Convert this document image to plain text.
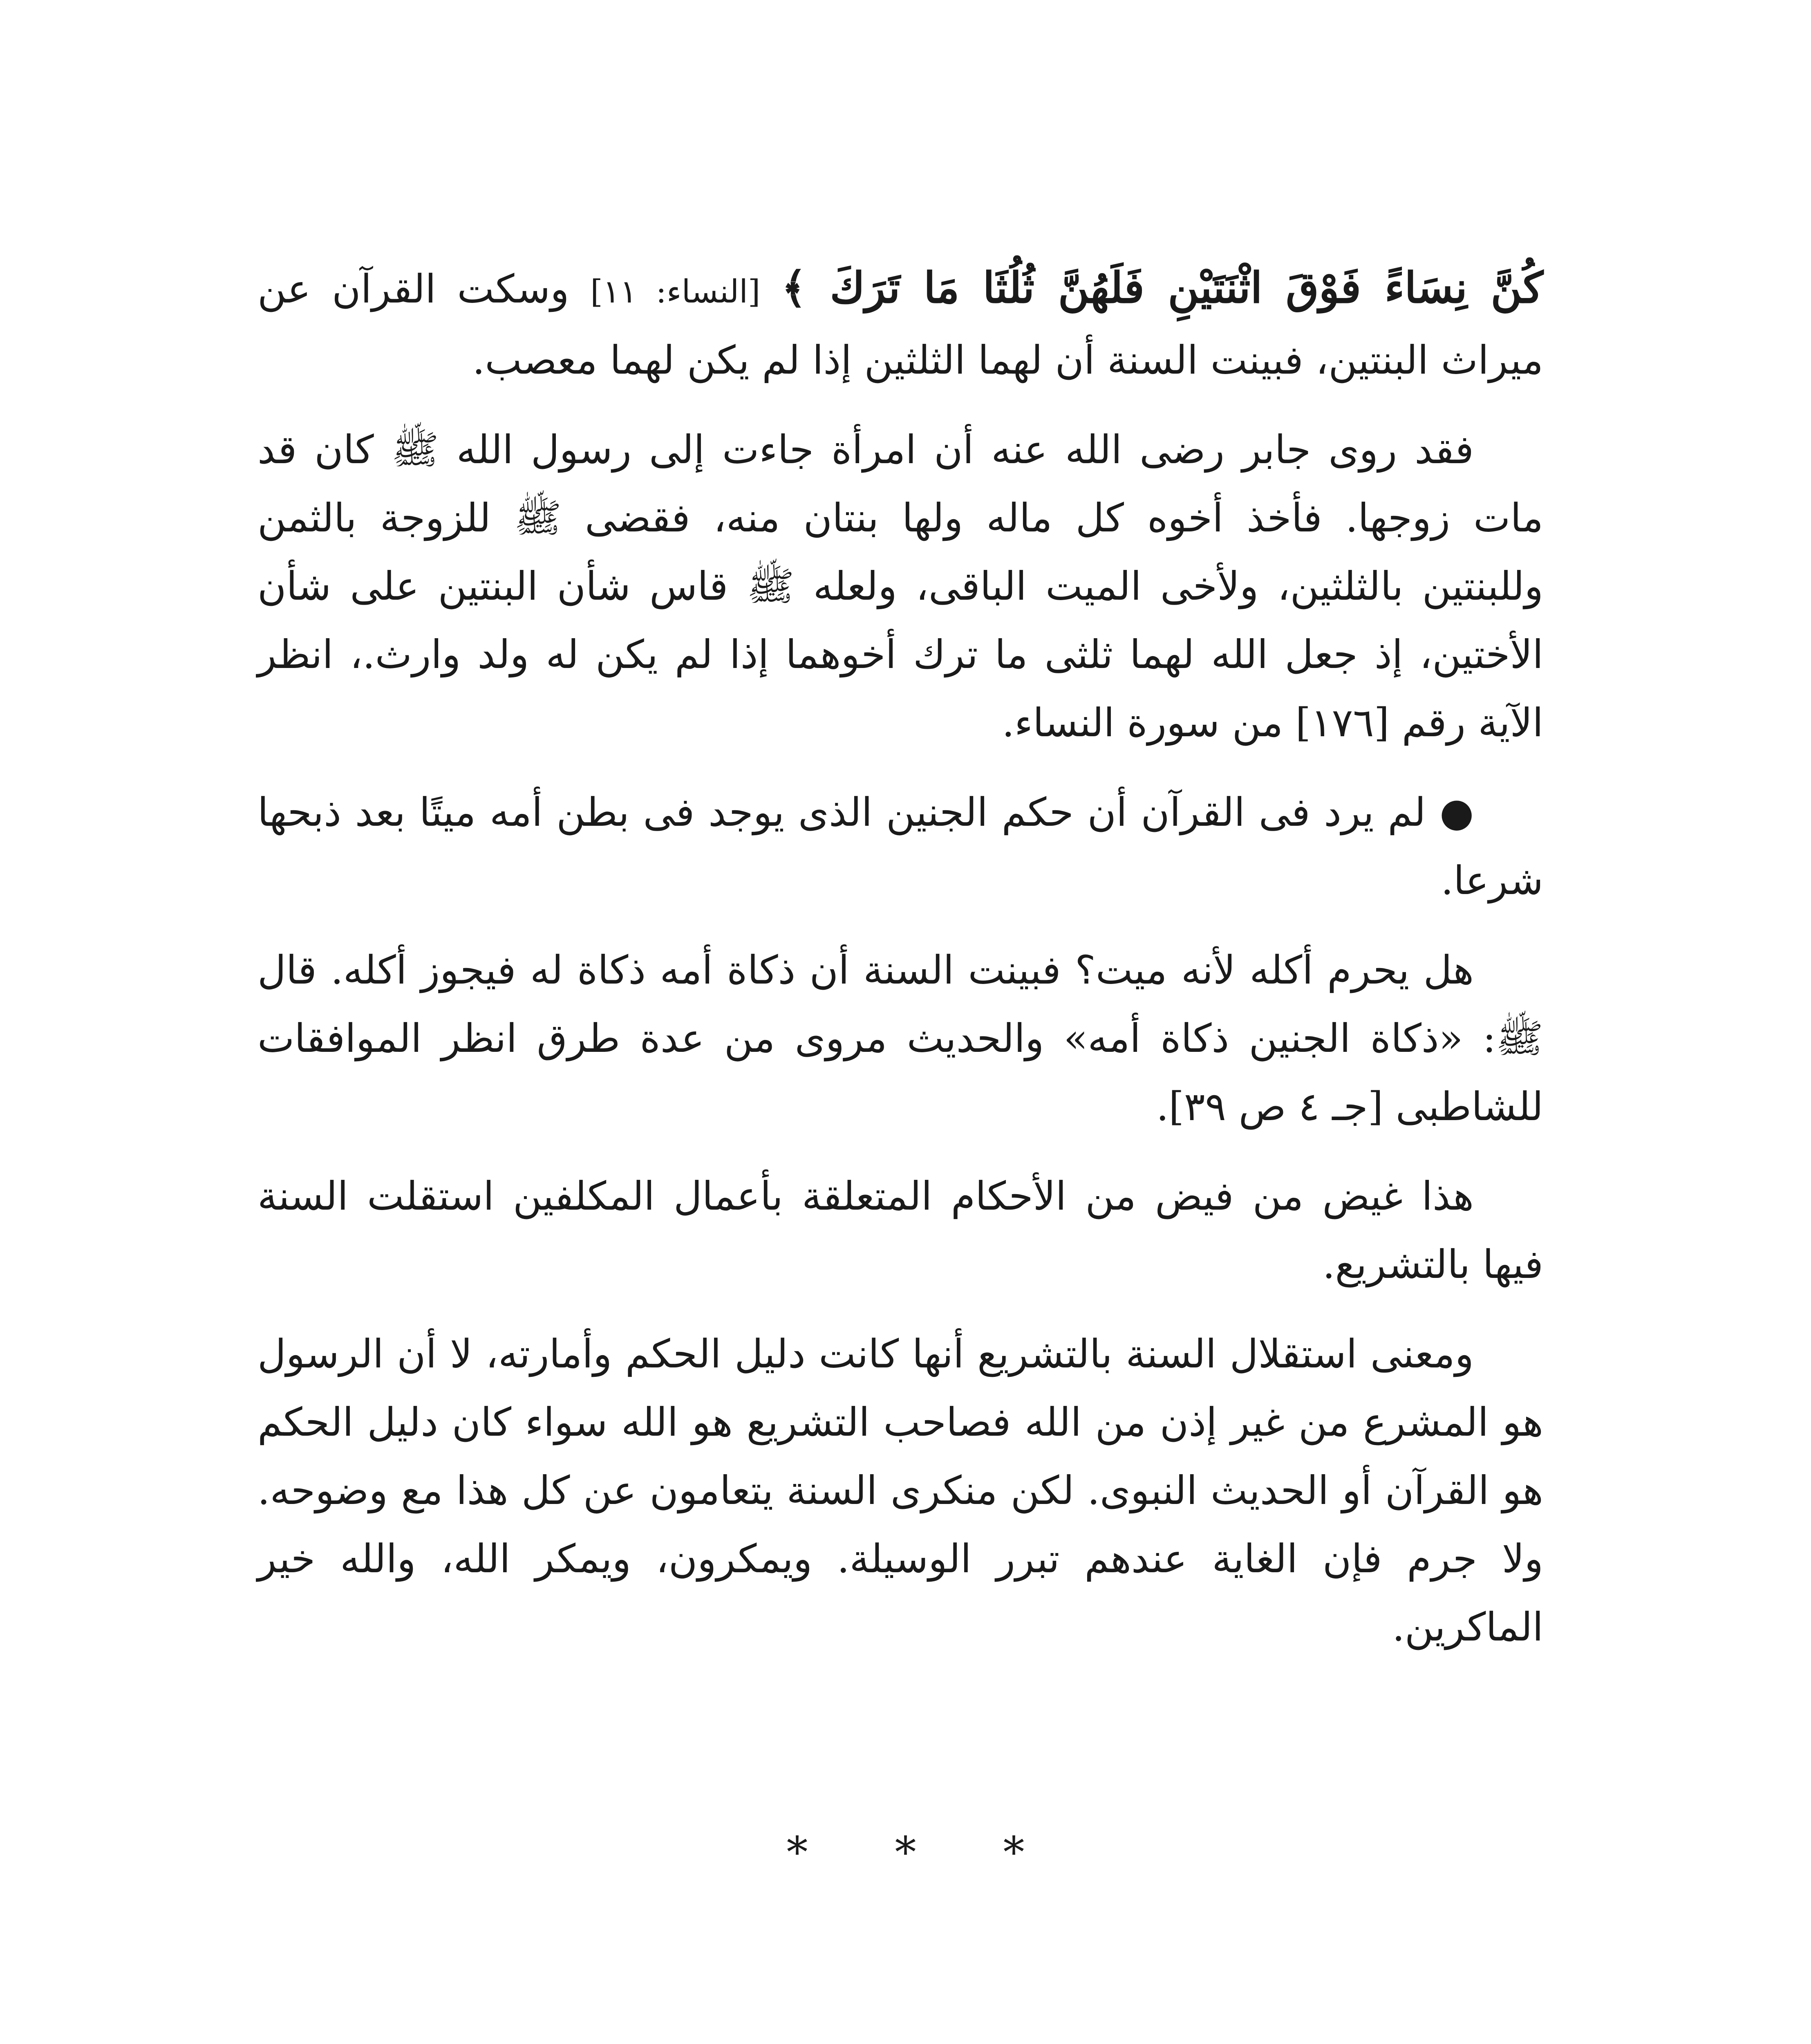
كُنَّ نِسَاءً فَوْقَ اثْنَتَيْنِ فَلَهُنَّ ثُلُثَا مَا تَرَكَ ﴾ [النساء: ١١] وسكت القرآن عن ميراث البنتين، فبينت السنة أن لهما الثلثين إذا لم يكن لهما معصب.

فقد روى جابر رضى الله عنه أن امرأة جاءت إلى رسول الله ﷺ كان قد مات زوجها. فأخذ أخوه كل ماله ولها بنتان منه، فقضى ﷺ للزوجة بالثمن وللبنتين بالثلثين، ولأخى الميت الباقى، ولعله ﷺ قاس شأن البنتين على شأن الأختين، إذ جعل الله لهما ثلثى ما ترك أخوهما إذا لم يكن له ولد وارث.، انظر الآية رقم [١٧٦] من سورة النساء.

● لم يرد فى القرآن أن حكم الجنين الذى يوجد فى بطن أمه ميتًا بعد ذبحها شرعا.

هل يحرم أكله لأنه ميت؟ فبينت السنة أن ذكاة أمه ذكاة له فيجوز أكله. قال ﷺ: «ذكاة الجنين ذكاة أمه» والحديث مروى من عدة طرق انظر الموافقات للشاطبى [جـ ٤ ص ٣٩].

هذا غيض من فيض من الأحكام المتعلقة بأعمال المكلفين استقلت السنة فيها بالتشريع.

ومعنى استقلال السنة بالتشريع أنها كانت دليل الحكم وأمارته، لا أن الرسول هو المشرع من غير إذن من الله فصاحب التشريع هو الله سواء كان دليل الحكم هو القرآن أو الحديث النبوى. لكن منكرى السنة يتعامون عن كل هذا مع وضوحه. ولا جرم فإن الغاية عندهم تبرر الوسيلة. ويمكرون، ويمكر الله، والله خير الماكرين.

* * *
